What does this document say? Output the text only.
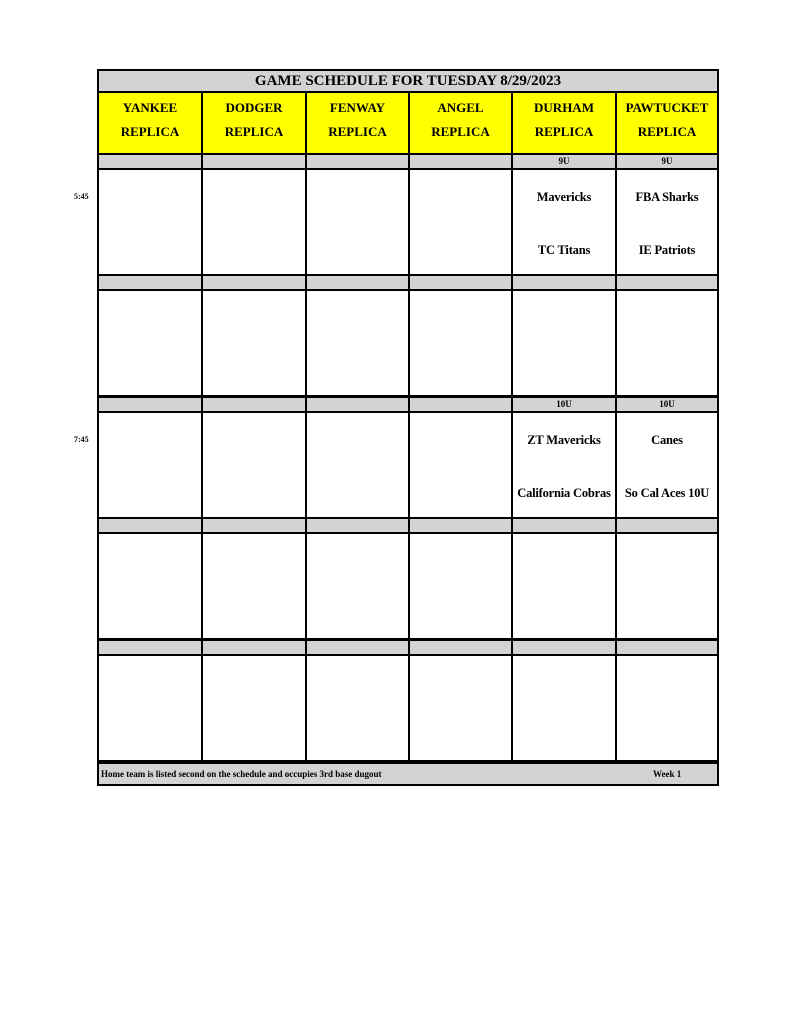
GAME SCHEDULE FOR TUESDAY 8/29/2023
Home team is listed second on the schedule and occupies 3rd base dugout	Week 1
YANKEE
REPLICA
DODGER
REPLICA
FENWAY
REPLICA
ANGEL
REPLICA
DURHAM
REPLICA
PAWTUCKET
REPLICA
9U
Mavericks
TC Titans
9U
FBA Sharks
IE Patriots
10U
ZT Mavericks
California Cobras
10U
Canes
So Cal Aces 10U
5:45
7:45
